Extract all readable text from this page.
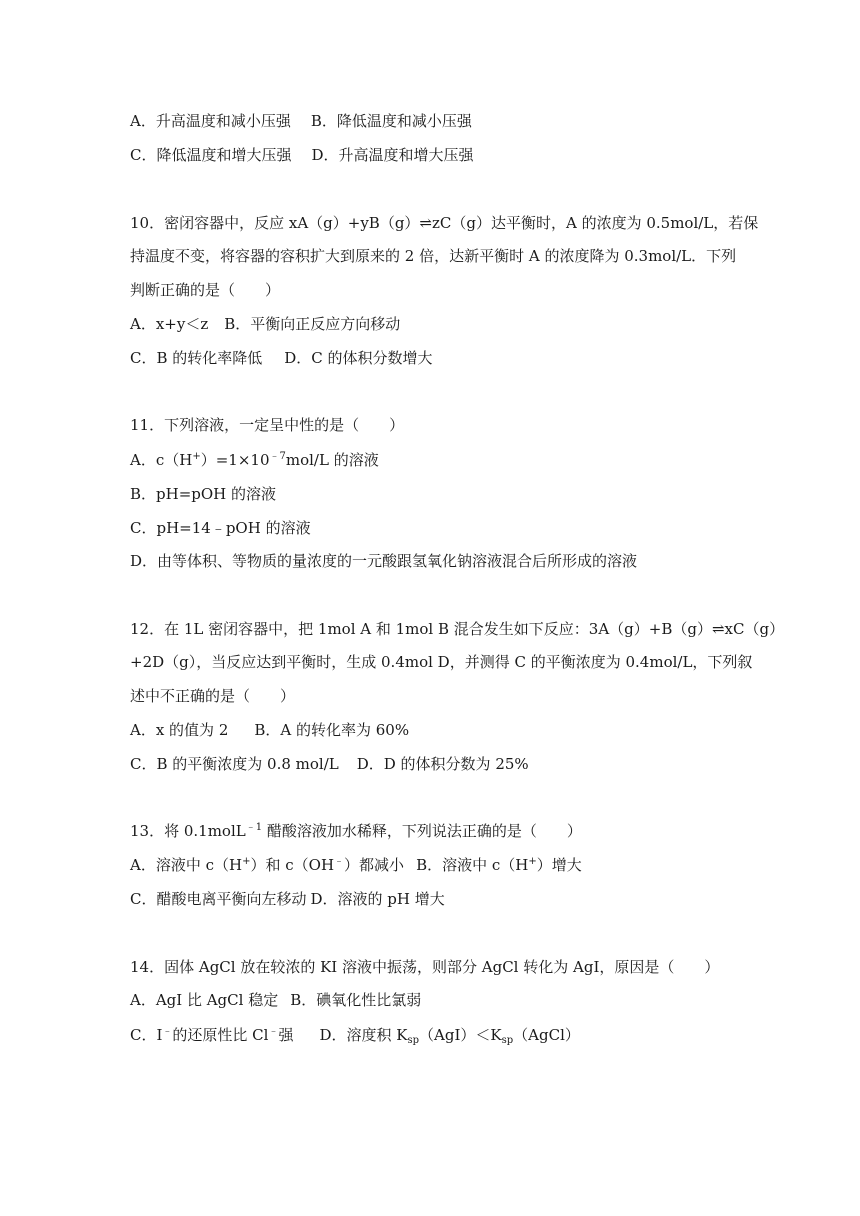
A．升高温度和减小压强 B．降低温度和减小压强
C．降低温度和增大压强 D．升高温度和增大压强
10．密闭容器中，反应 xA（g）+yB（g）⇌zC（g）达平衡时，A 的浓度为 0.5mol/L，若保
持温度不变，将容器的容积扩大到原来的 2 倍，达新平衡时 A 的浓度降为 0.3mol/L．下列
判断正确的是（　　）
A．x+y＜z B．平衡向正反应方向移动
C．B 的转化率降低 D．C 的体积分数增大
11．下列溶液，一定呈中性的是（　　）
A．$c(H^+)=1\times 10^{﹣7}mol/L$ 的溶液
B．pH=pOH 的溶液
C．pH=14﹣pOH 的溶液
D．由等体积、等物质的量浓度的一元酸跟氢氧化钠溶液混合后所形成的溶液
12．在 1L 密闭容器中，把 1mol A 和 1mol B 混合发生如下反应：3A（g）+B（g）⇌xC（g）
+2D（g），当反应达到平衡时，生成 0.4mol D，并测得 C 的平衡浓度为 0.4mol/L，下列叙
述中不正确的是（　　）
A．x 的值为 2 B．A 的转化率为 60%
C．B 的平衡浓度为 0.8 mol/L D．D 的体积分数为 25%
13．将 0.1molL$^{﹣1}$ 醋酸溶液加水稀释，下列说法正确的是（　　）
A．溶液中 c（H+）和 c（OH﹣）都减小 B．溶液中 c（H+）增大
C．醋酸电离平衡向左移动 D．溶液的 pH 增大
14．固体 AgCl 放在较浓的 KI 溶液中振荡，则部分 AgCl 转化为 AgI，原因是（　　）
A．AgI 比 AgCl 稳定 B．碘氧化性比氯弱
C．I﹣的还原性比 Cl﹣强 D．溶度积 $K_{sp}(AgI)<K_{sp}(AgCl)$
